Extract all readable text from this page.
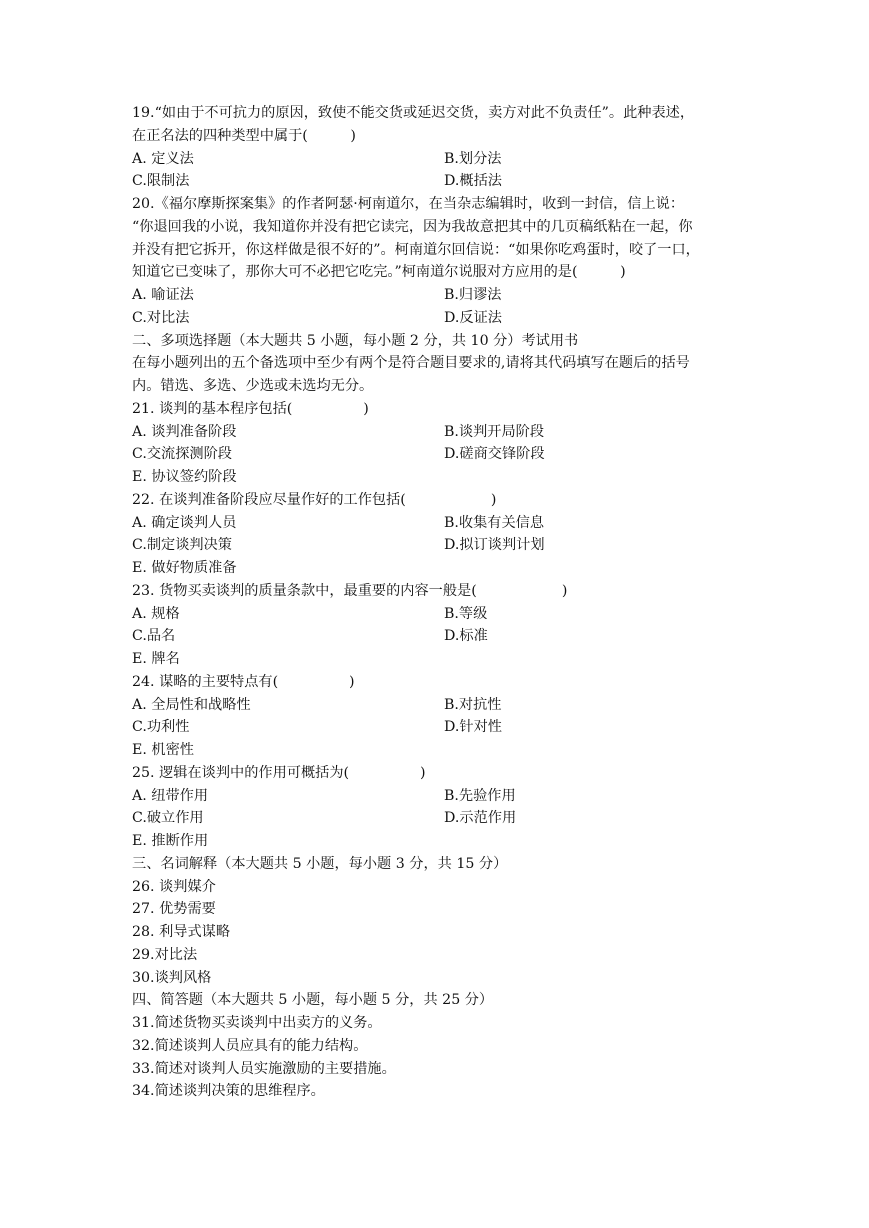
19.“如由于不可抗力的原因，致使不能交货或延迟交货，卖方对此不负责任”。此种表述，
在正名法的四种类型中属于(　　　)
A. 定义法	B.划分法
C.限制法	D.概括法
20.《福尔摩斯探案集》的作者阿瑟·柯南道尔，在当杂志编辑时，收到一封信，信上说：
“你退回我的小说，我知道你并没有把它读完，因为我故意把其中的几页稿纸粘在一起，你
并没有把它拆开，你这样做是很不好的”。柯南道尔回信说：“如果你吃鸡蛋时，咬了一口，
知道它已变味了，那你大可不必把它吃完。”柯南道尔说服对方应用的是(　　　)
A. 喻证法	B.归谬法
C.对比法	D.反证法
二、多项选择题（本大题共 5 小题，每小题 2 分，共 10 分）考试用书
在每小题列出的五个备选项中至少有两个是符合题目要求的,请将其代码填写在题后的括号
内。错选、多选、少选或未选均无分。
21. 谈判的基本程序包括(　　　　　)
A. 谈判准备阶段	B.谈判开局阶段
C.交流探测阶段	D.磋商交锋阶段
E. 协议签约阶段
22. 在谈判准备阶段应尽量作好的工作包括(　　　　　　)
A. 确定谈判人员	B.收集有关信息
C.制定谈判决策	D.拟订谈判计划
E. 做好物质准备
23. 货物买卖谈判的质量条款中，最重要的内容一般是(　　　　　　)
A. 规格	B.等级
C.品名	D.标准
E. 牌名
24. 谋略的主要特点有(　　　　　)
A. 全局性和战略性	B.对抗性
C.功利性	D.针对性
E. 机密性
25. 逻辑在谈判中的作用可概括为(　　　　　)
A. 纽带作用	B.先验作用
C.破立作用	D.示范作用
E. 推断作用
三、名词解释（本大题共 5 小题，每小题 3 分，共 15 分）
26. 谈判媒介
27. 优势需要
28. 利导式谋略
29.对比法
30.谈判风格
四、简答题（本大题共 5 小题，每小题 5 分，共 25 分）
31.简述货物买卖谈判中出卖方的义务。
32.简述谈判人员应具有的能力结构。
33.简述对谈判人员实施激励的主要措施。
34.简述谈判决策的思维程序。
